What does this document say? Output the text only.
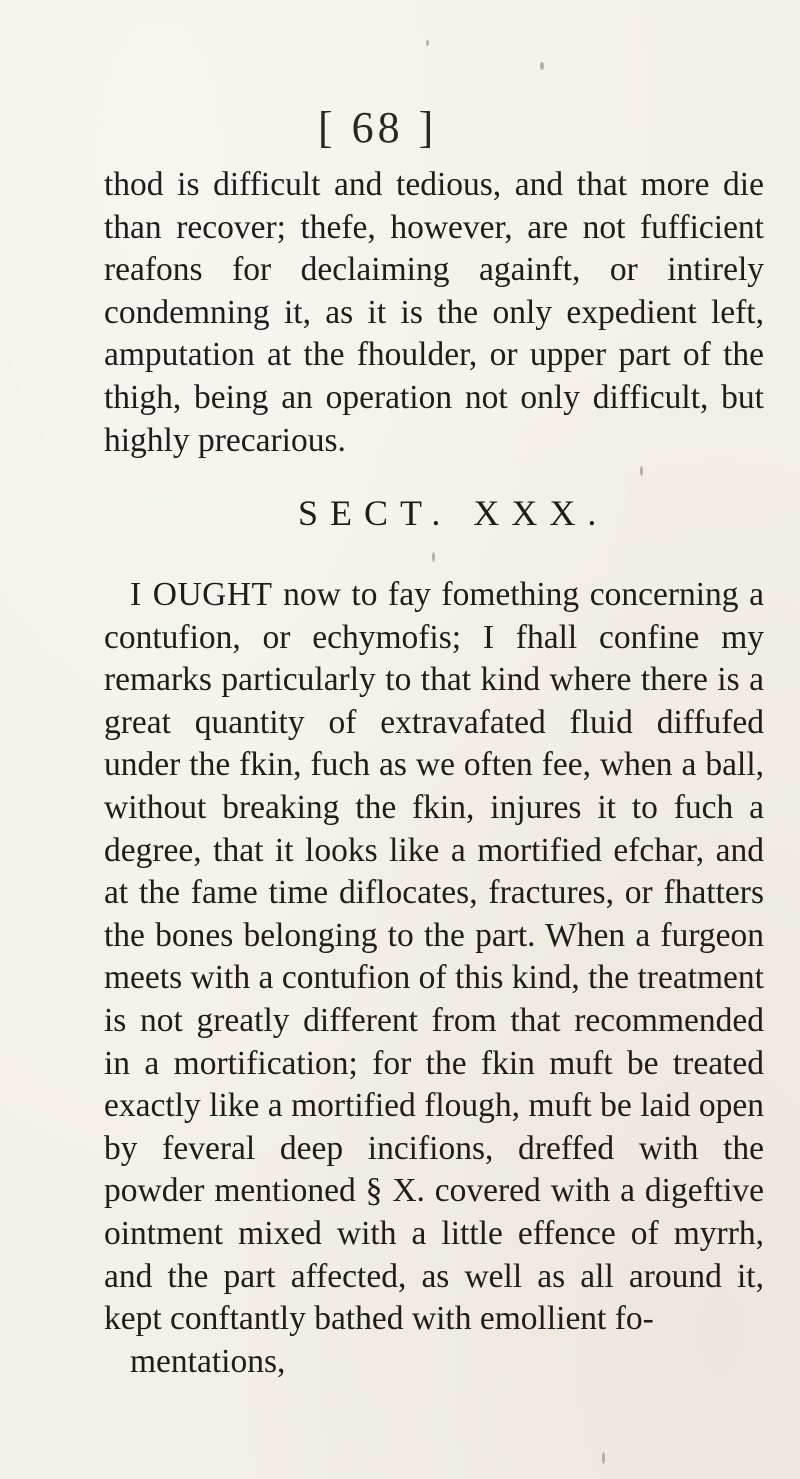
[ 68 ]

thod is difficult and tedious, and that more die than recover; thefe, however, are not fufficient reafons for declaiming againft, or intirely condemning it, as it is the only expedient left, amputation at the fhoulder, or upper part of the thigh, being an operation not only difficult, but highly precarious.

SECT. XXX.

I OUGHT now to fay fomething concerning a contufion, or echymofis; I fhall confine my remarks particularly to that kind where there is a great quantity of extravafated fluid diffufed under the fkin, fuch as we often fee, when a ball, without breaking the fkin, injures it to fuch a degree, that it looks like a mortified efchar, and at the fame time diflocates, fractures, or fhatters the bones belonging to the part. When a furgeon meets with a contufion of this kind, the treatment is not greatly different from that recommended in a mortification; for the fkin muft be treated exactly like a mortified flough, muft be laid open by feveral deep incifions, dreffed with the powder mentioned § X. covered with a digeftive ointment mixed with a little effence of myrrh, and the part affected, as well as all around it, kept conftantly bathed with emollient fo-
mentations,
